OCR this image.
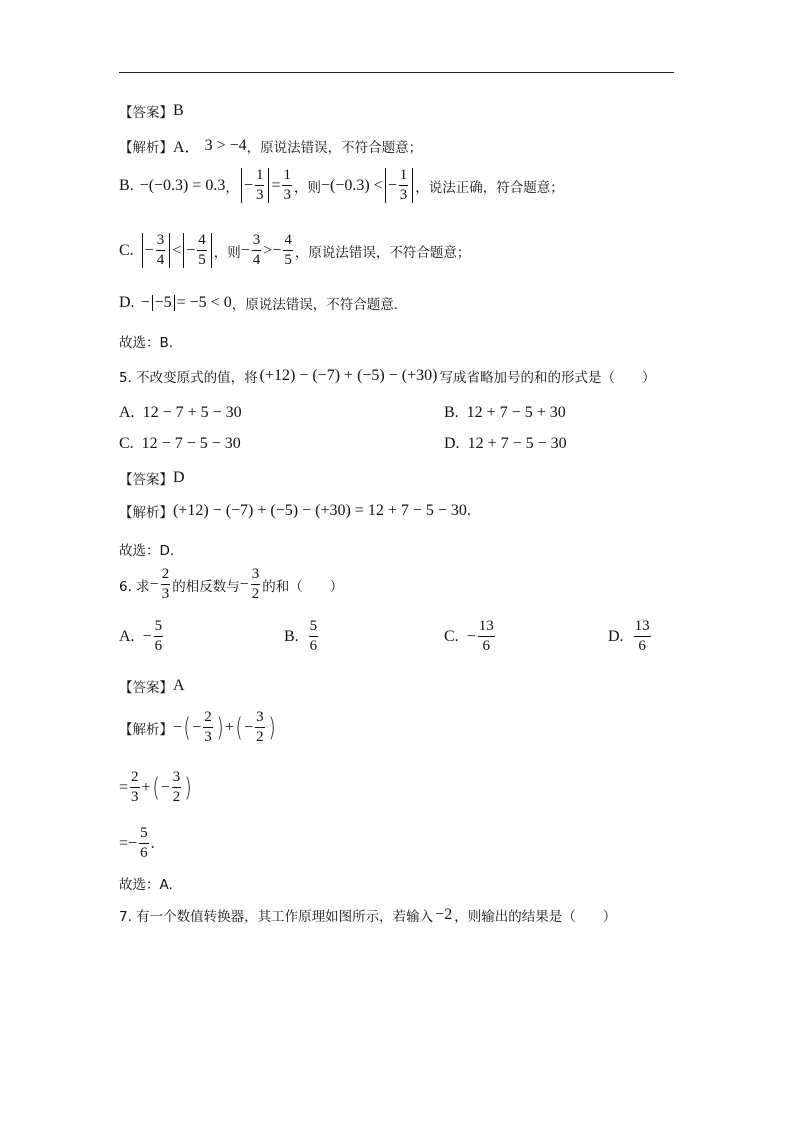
【答案】 B
【解析】 A． 3 > −4 ，原说法错误，不符合题意；
B. −(−0.3) = 0.3 ， − $\frac{1}{3} = \frac{1}{3}$ ，则 −(−0.3) < − $\frac{1}{3}$ ，说法正确，符合题意；
C. − $\frac{3}{4}$ < − $\frac{4}{5}$ ，则 − $\frac{3}{4}$ > − $\frac{4}{5}$ ，原说法错误，不符合题意；
D. − −5 = −5 < 0 ，原说法错误，不符合题意.
故选：B.
5. 不改变原式的值，将 (+12) − (−7) + (−5) − (+30) 写成省略加号的和的形式是（　　）
A. 12 − 7 + 5 − 30	B. 12 + 7 − 5 + 30
C. 12 − 7 − 5 − 30	D. 12 + 7 − 5 − 30
【答案】 D
【解析】 (+12) − (−7) + (−5) − (+30) = 12 + 7 − 5 − 30 .
故选：D.
6. 求 − $\frac{2}{3}$ 的相反数与 − $\frac{3}{2}$ 的和（　　）
A. − $\frac{5}{6}$	B. $\frac{5}{6}$	C. − $\frac{13}{6}$	D. $\frac{13}{6}$
【答案】 A
【解析】 − ( − $\frac{2}{3}$ ) + ( − $\frac{3}{2}$ )
= $\frac{2}{3}$ + ( − $\frac{3}{2}$ )
= − $\frac{5}{6}$ .
故选：A.
7. 有一个数值转换器，其工作原理如图所示，若输入 −2 ，则输出的结果是（　　）
